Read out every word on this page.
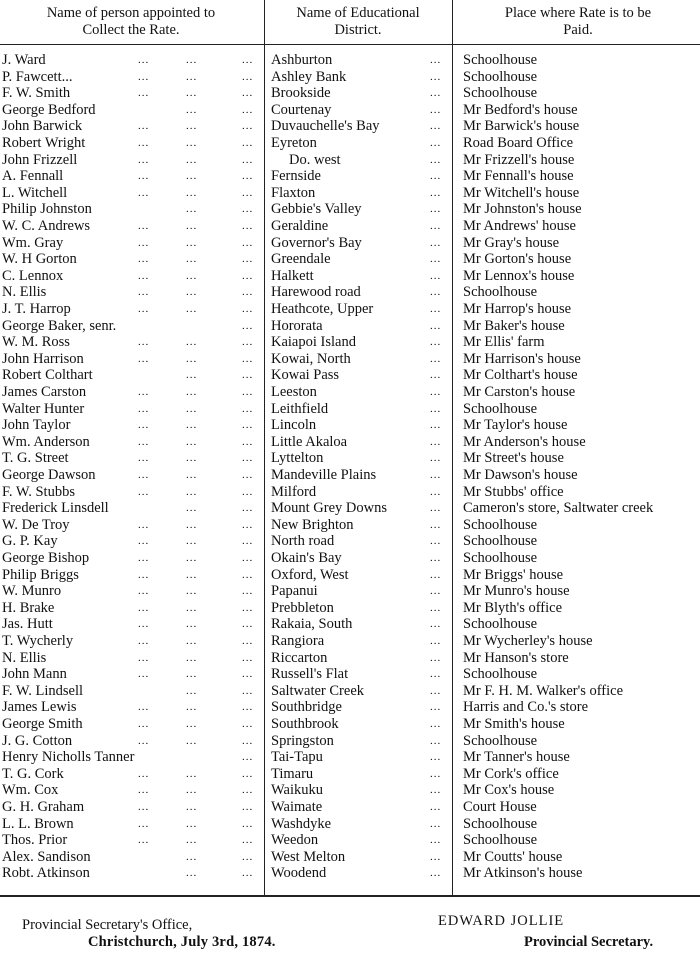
Name of person appointed to
Collect the Rate.
Name of Educational
District.
Place where Rate is to be
Paid.
J. Ward	...	...	... Ashburton	... Schoolhouse
P. Fawcett...	...	...	... Ashley Bank	... Schoolhouse
F. W. Smith	...	...	... Brookside	... Schoolhouse
George Bedford	...	... Courtenay	... Mr Bedford's house
John Barwick	...	...	... Duvauchelle's Bay	... Mr Barwick's house
Robert Wright	...	...	... Eyreton	... Road Board Office
John Frizzell	...	...	...	Do. west	... Mr Frizzell's house
A. Fennall	...	...	... Fernside	... Mr Fennall's house
L. Witchell	...	...	... Flaxton	... Mr Witchell's house
Philip Johnston	...	... Gebbie's Valley	... Mr Johnston's house
W. C. Andrews	...	...	... Geraldine	... Mr Andrews' house
Wm. Gray	...	...	... Governor's Bay	... Mr Gray's house
W. H Gorton	...	...	... Greendale	... Mr Gorton's house
C. Lennox	...	...	... Halkett	... Mr Lennox's house
N. Ellis	...	...	... Harewood road	... Schoolhouse
J. T. Harrop	...	...	... Heathcote, Upper	... Mr Harrop's house
George Baker, senr.	... Hororata	... Mr Baker's house
W. M. Ross	...	...	... Kaiapoi Island	... Mr Ellis' farm
John Harrison	...	...	... Kowai, North	... Mr Harrison's house
Robert Colthart	...	... Kowai Pass	... Mr Colthart's house
James Carston	...	...	... Leeston	... Mr Carston's house
Walter Hunter	...	...	... Leithfield	... Schoolhouse
John Taylor	...	...	... Lincoln	... Mr Taylor's house
Wm. Anderson	...	...	... Little Akaloa	... Mr Anderson's house
T. G. Street	...	...	... Lyttelton	... Mr Street's house
George Dawson	...	...	... Mandeville Plains	... Mr Dawson's house
F. W. Stubbs	...	...	... Milford	... Mr Stubbs' office
Frederick Linsdell	...	... Mount Grey Downs	... Cameron's store, Saltwater creek
W. De Troy	...	...	... New Brighton	... Schoolhouse
G. P. Kay	...	...	... North road	... Schoolhouse
George Bishop	...	...	... Okain's Bay	... Schoolhouse
Philip Briggs	...	...	... Oxford, West	... Mr Briggs' house
W. Munro	...	...	... Papanui	... Mr Munro's house
H. Brake	...	...	... Prebbleton	... Mr Blyth's office
Jas. Hutt	...	...	... Rakaia, South	... Schoolhouse
T. Wycherly	...	...	... Rangiora	... Mr Wycherley's house
N. Ellis	...	...	... Riccarton	... Mr Hanson's store
John Mann	...	...	... Russell's Flat	... Schoolhouse
F. W. Lindsell	...	... Saltwater Creek	... Mr F. H. M. Walker's office
James Lewis	...	...	... Southbridge	... Harris and Co.'s store
George Smith	...	...	... Southbrook	... Mr Smith's house
J. G. Cotton	...	...	... Springston	... Schoolhouse
Henry Nicholls Tanner	... Tai-Tapu	... Mr Tanner's house
T. G. Cork	...	...	... Timaru	... Mr Cork's office
Wm. Cox	...	...	... Waikuku	... Mr Cox's house
G. H. Graham	...	...	... Waimate	... Court House
L. L. Brown	...	...	... Washdyke	... Schoolhouse
Thos. Prior	...	...	... Weedon	... Schoolhouse
Alex. Sandison	...	... West Melton	... Mr Coutts' house
Robt. Atkinson	...	... Woodend	... Mr Atkinson's house
Provincial Secretary's Office,
Christchurch, July 3rd, 1874.
EDWARD JOLLIE
Provincial Secretary.
